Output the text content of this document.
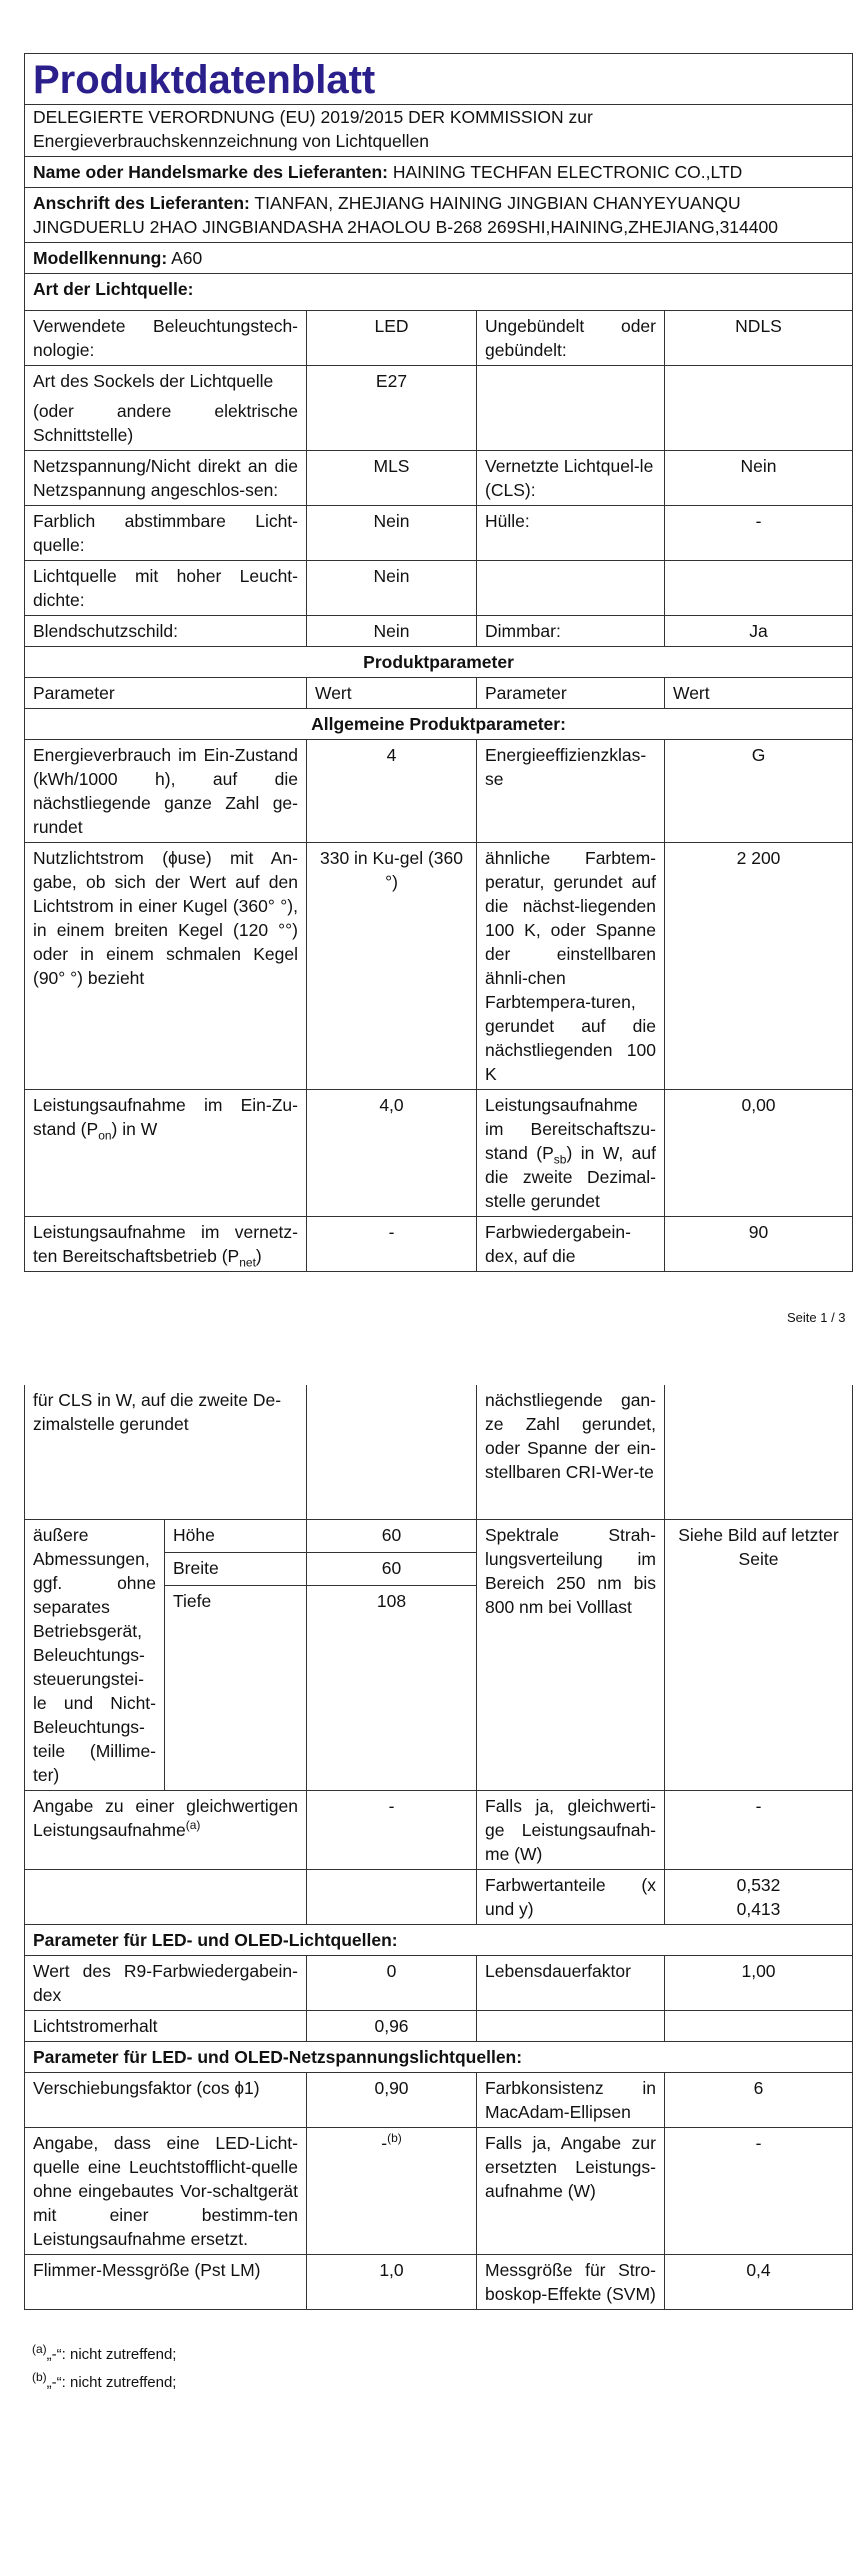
Produktdatenblatt			
DELEGIERTE VERORDNUNG (EU) 2019/2015 DER KOMMISSION zur Energieverbrauchskennzeichnung von Lichtquellen			
Name oder Handelsmarke des Lieferanten: HAINING TECHFAN ELECTRONIC CO.,LTD			
Anschrift des Lieferanten: TIANFAN, ZHEJIANG HAINING JINGBIAN CHANYEYUANQU JINGDUERLU 2HAO JINGBIANDASHA 2HAOLOU B-268 269SHI,HAINING,ZHEJIANG,314400			
Modellkennung: A60			
Art der Lichtquelle:			
Verwendete Beleuchtungstech-nologie:	LED	Ungebündelt oder gebündelt:	NDLS

Art des Sockels der Lichtquelle
(oder andere elektrische Schnittstelle)	E27		
Netzspannung/Nicht direkt an die Netzspannung angeschlos-sen:	MLS	Vernetzte Lichtquel-le (CLS):	Nein
Farblich abstimmbare Licht-quelle:	Nein	Hülle:	-
Lichtquelle mit hoher Leucht-dichte:	Nein		
Blendschutzschild:	Nein	Dimmbar:	Ja
Produktparameter			
Parameter	Wert	Parameter	Wert
Allgemeine Produktparameter:			
Energieverbrauch im Ein-Zustand (kWh/1000 h), auf die nächstliegende ganze Zahl ge-rundet	4	Energieeffizienzklas-se	G
Nutzlichtstrom (ɸuse) mit An-gabe, ob sich der Wert auf den Lichtstrom in einer Kugel (360° °), in einem breiten Kegel (120 °°) oder in einem schmalen Kegel (90° °) bezieht	330 in Ku-gel (360 °)	ähnliche Farbtem-peratur, gerundet auf die nächst-liegenden 100 K, oder Spanne der einstellbaren ähnli-chen Farbtempera-turen, gerundet auf die nächstliegenden 100 K	2 200
Leistungsaufnahme im Ein-Zu-stand $(P_{on})$ in W	4,0	Leistungsaufnahme im Bereitschaftszu-stand $(P_{sb})$ in W, auf die zweite Dezimal-stelle gerundet	0,00
Leistungsaufnahme im vernetz-ten Bereitschaftsbetrieb $(P_{net})$	-	Farbwiedergabein-dex, auf die	90
Seite 1 / 3
für CLS in W, auf die zweite De-zimalstelle gerundet			nächstliegende gan-ze Zahl gerundet, oder Spanne der ein-stellbaren CRI-Wer-te	
äußere Abmessungen, ggf. ohne separates Betriebsgerät, Beleuchtungs-steuerungstei-le und Nicht-Beleuchtungs-teile (Millime-ter)	Höhe	60	Spektrale Strah-lungsverteilung im Bereich 250 nm bis 800 nm bei Volllast	Siehe Bild auf letzter Seite
	Breite	60		
	Tiefe	108		
Angabe zu einer gleichwertigen Leistungsaufnahme$^{(a)}$		-	Falls ja, gleichwerti-ge Leistungsaufnah-me (W)	-
			Farbwertanteile (x und y)	0,532
0,413

Parameter für LED- und OLED-Lichtquellen:				
Wert des R9-Farbwiedergabein-dex		0	Lebensdauerfaktor	1,00
Lichtstromerhalt		0,96		
Parameter für LED- und OLED-Netzspannungslichtquellen:				
Verschiebungsfaktor (cos ɸ1)		0,90	Farbkonsistenz in MacAdam-Ellipsen	6
Angabe, dass eine LED-Licht-quelle eine Leuchtstofflicht-quelle ohne eingebautes Vor-schaltgerät mit einer bestimm-ten Leistungsaufnahme ersetzt.		-$^{(b)}$	Falls ja, Angabe zur ersetzten Leistungs-aufnahme (W)	-
Flimmer-Messgröße (Pst LM)		1,0	Messgröße für Stro-boskop-Effekte (SVM)	0,4
$^{(a)}$„-“: nicht zutreffend;
$^{(b)}$„-“: nicht zutreffend;
